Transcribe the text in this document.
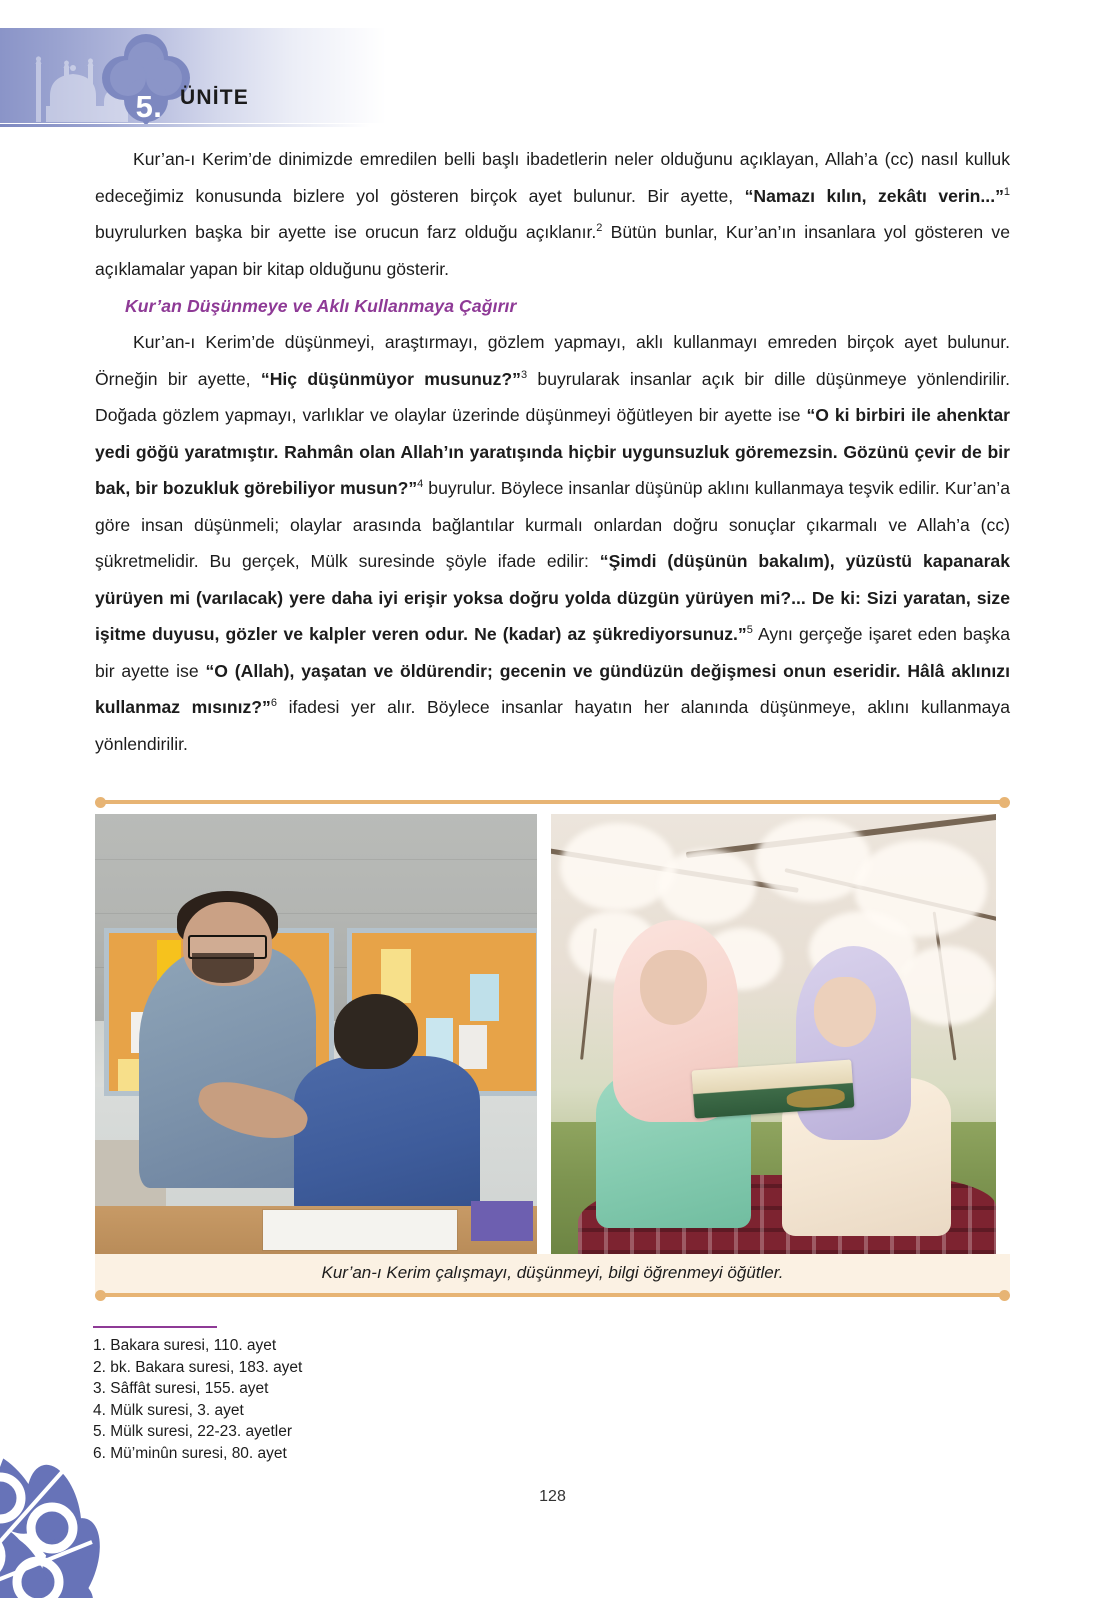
5. ÜNİTE

Kur’an-ı Kerim’de dinimizde emredilen belli başlı ibadetlerin neler olduğunu açıklayan, Allah’a (cc) nasıl kulluk edeceğimiz konusunda bizlere yol gösteren birçok ayet bulunur. Bir ayette, “Namazı kılın, zekâtı verin...”$^1$ buyrulurken başka bir ayette ise orucun farz olduğu açıklanır.$^2$ Bütün bunlar, Kur’an’ın insanlara yol gösteren ve açıklamalar yapan bir kitap olduğunu gösterir.

Kur’an Düşünmeye ve Aklı Kullanmaya Çağırır

Kur’an-ı Kerim’de düşünmeyi, araştırmayı, gözlem yapmayı, aklı kullanmayı emreden birçok ayet bulunur. Örneğin bir ayette, “Hiç düşünmüyor musunuz?”$^3$ buyrularak insanlar açık bir dille düşünmeye yönlendirilir. Doğada gözlem yapmayı, varlıklar ve olaylar üzerinde düşünmeyi öğütleyen bir ayette ise “O ki birbiri ile ahenktar yedi göğü yaratmıştır. Rahmân olan Allah’ın yaratışında hiçbir uygunsuzluk göremezsin. Gözünü çevir de bir bak, bir bozukluk görebiliyor musun?”$^4$ buyrulur. Böylece insanlar düşünüp aklını kullanmaya teşvik edilir. Kur’an’a göre insan düşünmeli; olaylar arasında bağlantılar kurmalı onlardan doğru sonuçlar çıkarmalı ve Allah’a (cc) şükretmelidir. Bu gerçek, Mülk suresinde şöyle ifade edilir: “Şimdi (düşünün bakalım), yüzüstü kapanarak yürüyen mi (varılacak) yere daha iyi erişir yoksa doğru yolda düzgün yürüyen mi?... De ki: Sizi yaratan, size işitme duyusu, gözler ve kalpler veren odur. Ne (kadar) az şükrediyorsunuz.”$^5$ Aynı gerçeğe işaret eden başka bir ayette ise “O (Allah), yaşatan ve öldürendir; gecenin ve gündüzün değişmesi onun eseridir. Hâlâ aklınızı kullanmaz mısınız?”$^6$ ifadesi yer alır. Böylece insanlar hayatın her alanında düşünmeye, aklını kullanmaya yönlendirilir.

Kur’an-ı Kerim çalışmayı, düşünmeyi, bilgi öğrenmeyi öğütler.
1. Bakara suresi, 110. ayet
2. bk. Bakara suresi, 183. ayet
3. Sâffât suresi, 155. ayet
4. Mülk suresi, 3. ayet
5. Mülk suresi, 22-23. ayetler
6. Mü’minûn suresi, 80. ayet
128
